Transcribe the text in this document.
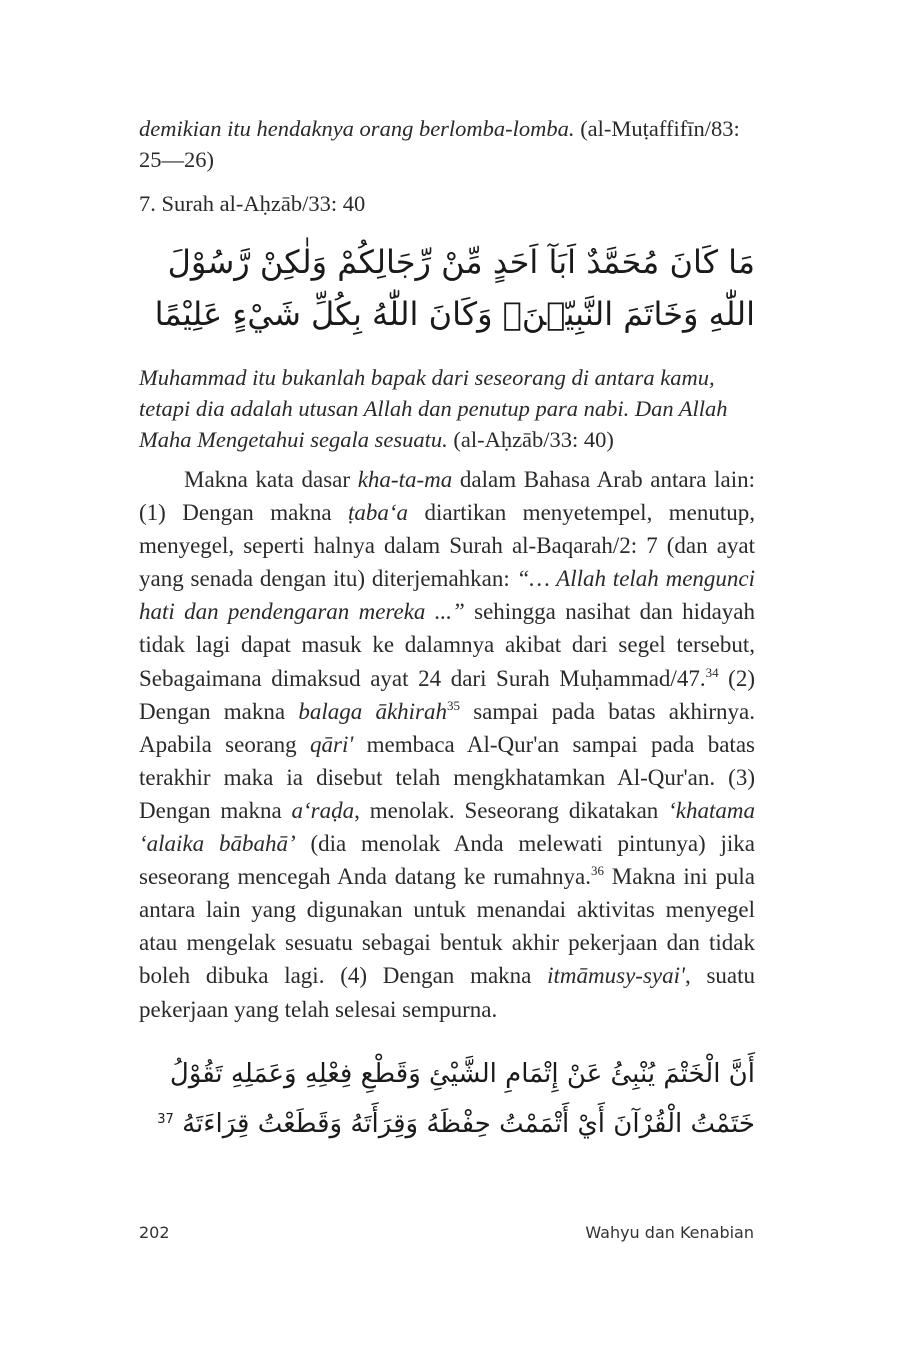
demikian itu hendaknya orang berlomba-lomba. (al-Muṭaffifīn/83: 25—26)
7. Surah al-Aḥzāb/33: 40
مَا كَانَ مُحَمَّدٌ اَبَآ اَحَدٍ مِّنْ رِّجَالِكُمْ وَلٰكِنْ رَّسُوْلَ اللّٰهِ وَخَاتَمَ النَّبِيّٖنَۗ وَكَانَ اللّٰهُ بِكُلِّ شَيْءٍ عَلِيْمًا
Muhammad itu bukanlah bapak dari seseorang di antara kamu, tetapi dia adalah utusan Allah dan penutup para nabi. Dan Allah Maha Mengetahui segala sesuatu. (al-Aḥzāb/33: 40)
Makna kata dasar kha-ta-ma dalam Bahasa Arab antara lain: (1) Dengan makna ṭaba‘a diartikan menyetempel, menutup, menyegel, seperti halnya dalam Surah al-Baqarah/2: 7 (dan ayat yang senada dengan itu) diterjemahkan: “… Allah telah mengunci hati dan pendengaran mereka ...” sehingga nasihat dan hidayah tidak lagi dapat masuk ke dalamnya akibat dari segel tersebut, Sebagaimana dimaksud ayat 24 dari Surah Muḥammad/47.34 (2) Dengan makna balaga ākhirah$^{35}$ sampai pada batas akhirnya. Apabila seorang qāri' membaca Al-Qur'an sampai pada batas terakhir maka ia disebut telah mengkhatamkan Al-Qur'an. (3) Dengan makna a‘raḍa, menolak. Seseorang dikatakan ‘khatama ‘alaika bābahā’ (dia menolak Anda melewati pintunya) jika seseorang mencegah Anda datang ke rumahnya.$^{36}$ Makna ini pula antara lain yang digunakan untuk menandai aktivitas menyegel atau mengelak sesuatu sebagai bentuk akhir pekerjaan dan tidak boleh dibuka lagi. (4) Dengan makna itmāmusy-syai', suatu pekerjaan yang telah selesai sempurna.
أَنَّ الْخَتْمَ يُنْبِئُ عَنْ إِتْمَامِ الشَّيْئِ وَقَطْعِ فِعْلِهِ وَعَمَلِهِ تَقُوْلُ خَتَمْتُ الْقُرْآنَ أَيْ أَتْمَمْتُ حِفْظَهُ وَقِرَأَتَهُ وَقَطَعْتُ قِرَاءَتَهُ $^{37}$
202	Wahyu dan Kenabian
